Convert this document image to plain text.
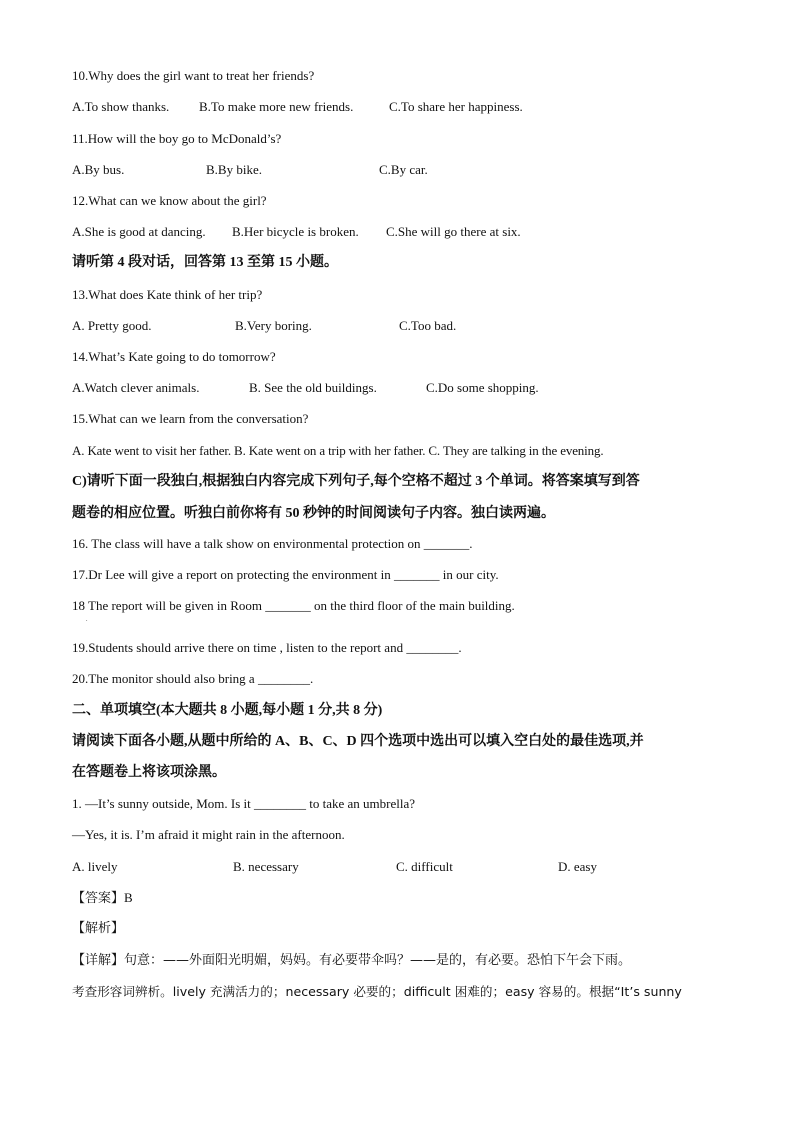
10.Why does the girl want to treat her friends?
A.To show thanks. B.To make more new friends.	C.To share her happiness.
11.How will the boy go to McDonald’s?
A.By bus.	B.By bike.	C.By car.
12.What can we know about the girl?
A.She is good at dancing. B.Her bicycle is broken. C.She will go there at six.
请听第 4 段对话，回答第 13 至第 15 小题。
13.What does Kate think of her trip?
A. Pretty good.	B.Very boring.	C.Too bad.
14.What’s Kate going to do tomorrow?
A.Watch clever animals.	B. See the old buildings.	C.Do some shopping.
15.What can we learn from the conversation?
A. Kate went to visit her father. B. Kate went on a trip with her father. C. They are talking in the evening.
C)请听下面一段独白,根据独白内容完成下列句子,每个空格不超过 3 个单词。将答案填写到答
题卷的相应位置。听独白前你将有 50 秒钟的时间阅读句子内容。独白读两遍。
16. The class will have a talk show on environmental protection on _______.
17.Dr Lee will give a report on protecting the environment in _______ in our city.
18 The report will be given in Room _______ on the third floor of the main building.
.
19.Students should arrive there on time , listen to the report and ________.
20.The monitor should also bring a ________.
二、单项填空(本大题共 8 小题,每小题 1 分,共 8 分)
请阅读下面各小题,从题中所给的 A、B、C、D 四个选项中选出可以填入空白处的最佳选项,并
在答题卷上将该项涂黑。
1. —It’s sunny outside, Mom. Is it ________ to take an umbrella?
—Yes, it is. I’m afraid it might rain in the afternoon.
A. lively	B. necessary	C. difficult	D. easy
【答案】B
【解析】
【详解】句意：——外面阳光明媚，妈妈。有必要带伞吗？——是的，有必要。恐怕下午会下雨。
考查形容词辨析。lively 充满活力的；necessary 必要的；difficult 困难的；easy 容易的。根据“It’s sunny
